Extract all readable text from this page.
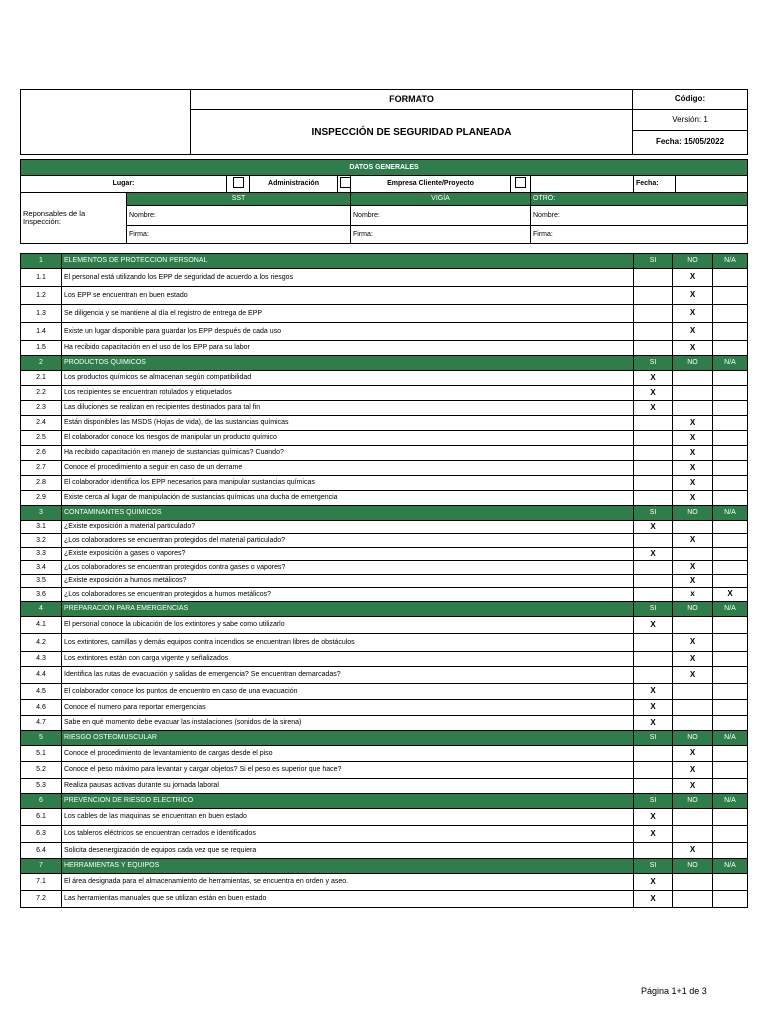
	FORMATO	Código:
	INSPECCIÓN DE SEGURIDAD PLANEADA	Versión: 1
		Fecha: 15/05/2022
DATOS GENERALES									
Lugar:			Administración		Empresa Cliente/Proyecto			Fecha:	
Reponsables de la Inspección:	SST				VIGÍA		OTRO:		
	Nombre:				Nombre:		Nombre:		
	Firma:				Firma:		Firma:		
1	ELEMENTOS DE PROTECCION PERSONAL	SI	NO	N/A
1.1	El personal está utilizando los EPP de seguridad de acuerdo a los riesgos		X	
1.2	Los EPP se encuentran en buen estado		X	
1.3	Se diligencia y se mantiene al día el registro de entrega de EPP		X	
1.4	Existe un lugar disponible para guardar los EPP después de cada uso		X	
1.5	Ha recibido capacitación en el uso de los EPP para su labor		X	
2	PRODUCTOS QUIMICOS	SI	NO	N/A
2.1	Los productos químicos se almacenan según compatibilidad	X		
2.2	Los recipientes se encuentran rotulados y etiquetados	X		
2.3	Las diluciones se realizan en recipientes destinados para tal fin	X		
2.4	Están disponibles las MSDS (Hojas de vida), de las sustancias químicas		X	
2.5	El colaborador conoce los riesgos de manipular un producto químico		X	
2.6	Ha recibido capacitación en manejo de sustancias químicas? Cuando?		X	
2.7	Conoce el procedimiento a seguir en caso de un derrame		X	
2.8	El colaborador identifica los EPP necesarios para manipular sustancias químicas		X	
2.9	Existe cerca al lugar de manipulación de sustancias químicas una ducha de emergencia		X	
3	CONTAMINANTES QUIMICOS	SI	NO	N/A
3.1	¿Existe exposición a material particulado?	X		
3.2	¿Los colaboradores se encuentran protegidos del material particulado?		X	
3.3	¿Existe exposición a gases o vapores?	X		
3.4	¿Los colaboradores se encuentran protegidos contra gases o vapores?		X	
3.5	¿Existe exposición a humos metálicos?		X	
3.6	¿Los colaboradores se encuentran protegidos a humos metálicos?		x	X
4	PREPARACION PARA EMERGENCIAS	SI	NO	N/A
4.1	El personal conoce la ubicación de los extintores y sabe como utilizarlo	X		
4.2	Los extintores, camillas y demás equipos contra incendios se encuentran libres de obstáculos		X	
4.3	Los extintores están con carga vigente y señalizados		X	
4.4	Identifica las rutas de evacuación y salidas de emergencia? Se encuentran demarcadas?		X	
4.5	El colaborador conoce los puntos de encuentro en caso de una evacuación	X		
4.6	Conoce el numero para reportar emergencias	X		
4.7	Sabe en qué momento debe evacuar las instalaciones (sonidos de la sirena)	X		
5	RIESGO OSTEOMUSCULAR	SI	NO	N/A
5.1	Conoce el procedimiento de levantamiento de cargas desde el piso		X	
5.2	Conoce el peso máximo para levantar y cargar objetos? Si el peso es superior que hace?		X	
5.3	Realiza pausas activas durante su jornada laboral		X	
6	PREVENCION DE RIESGO ELECTRICO	SI	NO	N/A
6.1	Los cables de las maquinas se encuentran en buen estado	X		
6.3	Los tableros eléctricos se encuentran cerrados e identificados	X		
6.4	Solicita desenergización de equipos cada vez que se requiera		X	
7	HERRAMIENTAS Y EQUIPOS	SI	NO	N/A
7.1	El área designada para el almacenamiento de herramientas, se encuentra en orden y aseo.	X		
7.2	Las herramientas manuales que se utilizan están en buen estado	X		
Página 1+1 de 3
